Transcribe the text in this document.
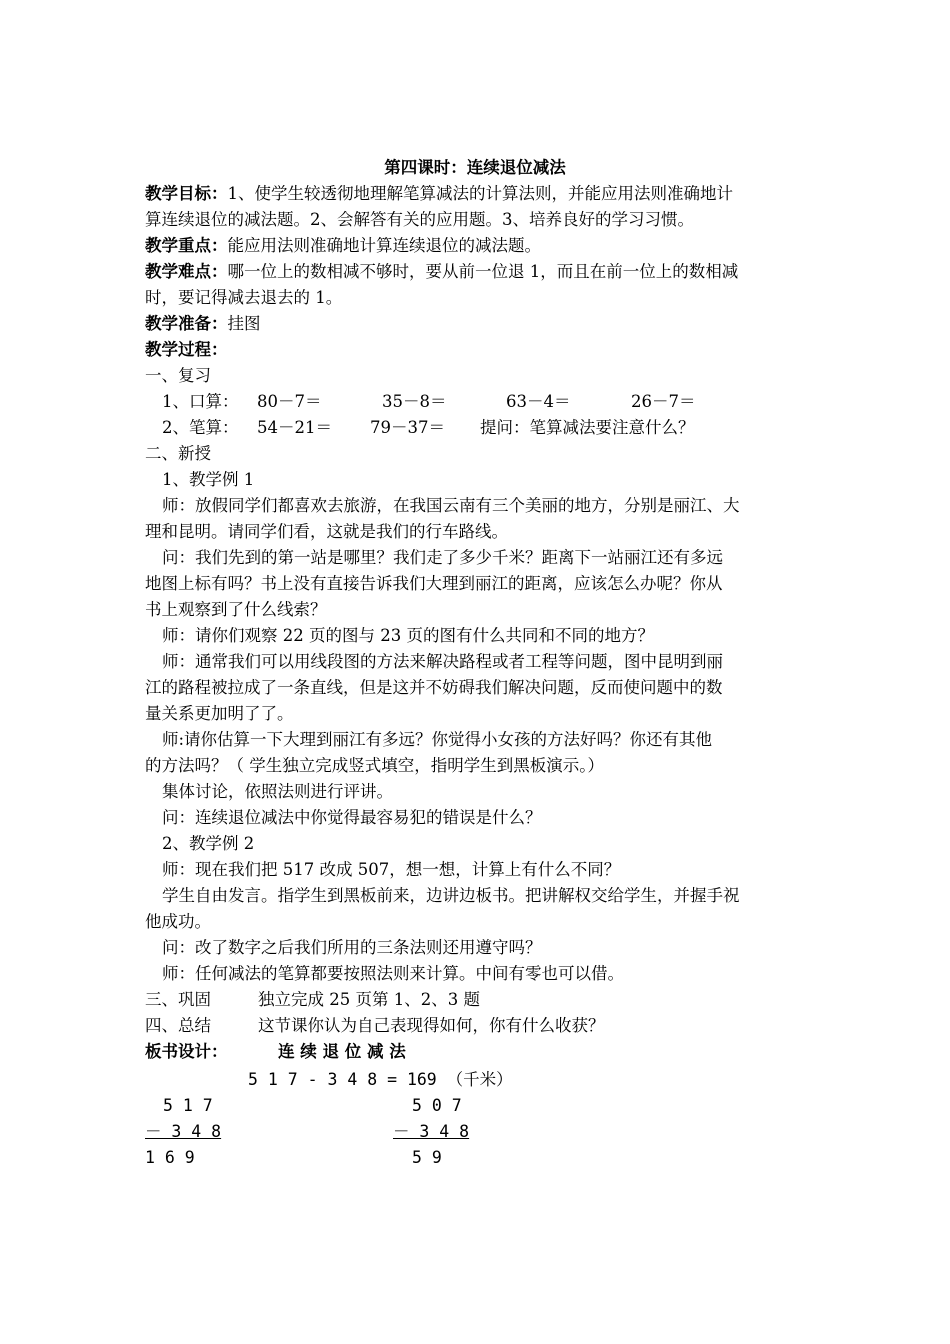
第四课时：连续退位减法
教学目标：1、使学生较透彻地理解笔算减法的计算法则，并能应用法则准确地计
算连续退位的减法题。2、会解答有关的应用题。3、培养良好的学习习惯。
教学重点：能应用法则准确地计算连续退位的减法题。
教学难点：哪一位上的数相减不够时，要从前一位退 1，而且在前一位上的数相减
时，要记得减去退去的 1。
教学准备：挂图
教学过程：
一、复习
1、口算： 80－7＝	35－8＝	63－4＝	26－7＝
2、笔算： 54－21＝ 79－37＝ 提问：笔算减法要注意什么？
二、新授
1、教学例 1
师：放假同学们都喜欢去旅游，在我国云南有三个美丽的地方，分别是丽江、大
理和昆明。请同学们看，这就是我们的行车路线。
问：我们先到的第一站是哪里？我们走了多少千米？距离下一站丽江还有多远
地图上标有吗？书上没有直接告诉我们大理到丽江的距离，应该怎么办呢？你从
书上观察到了什么线索？
师：请你们观察 22 页的图与 23 页的图有什么共同和不同的地方？
师：通常我们可以用线段图的方法来解决路程或者工程等问题，图中昆明到丽
江的路程被拉成了一条直线，但是这并不妨碍我们解决问题，反而使问题中的数
量关系更加明了了。
师:请你估算一下大理到丽江有多远？你觉得小女孩的方法好吗？你还有其他
的方法吗？（ 学生独立完成竖式填空，指明学生到黑板演示。）
集体讨论，依照法则进行评讲。
问：连续退位减法中你觉得最容易犯的错误是什么？
2、教学例 2
师：现在我们把 517 改成 507，想一想，计算上有什么不同？
学生自由发言。指学生到黑板前来，边讲边板书。把讲解权交给学生，并握手祝
他成功。
问：改了数字之后我们所用的三条法则还用遵守吗？
师：任何减法的笔算都要按照法则来计算。中间有零也可以借。
三、巩固	独立完成 25 页第 1、2、3 题
四、总结	这节课你认为自己表现得如何，你有什么收获？
板书设计：	连 续 退 位 减 法
5 1 7 - 3 4 8 = 169 （千米）
5 1 7
－ 3 4 8
1 6 9
5 0 7
－ 3 4 8
5 9
